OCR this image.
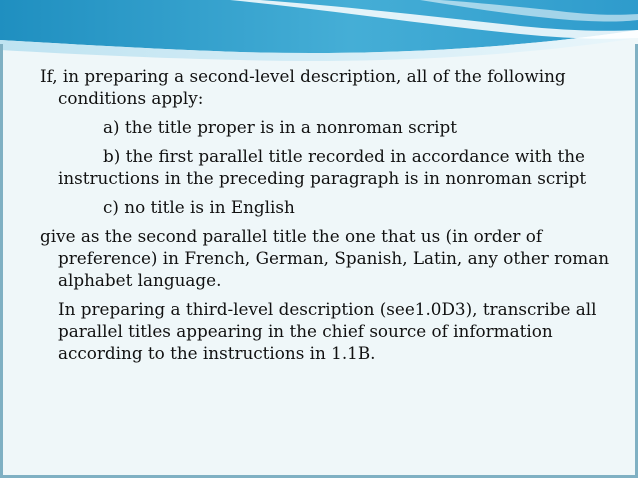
If, in preparing a second-level description, all of the following
conditions apply:
a) the title proper is in a nonroman script
b) the first parallel title recorded in accordance with the
instructions in the preceding paragraph is in nonroman script
c) no title is in English
give as the second parallel title the one that us (in order of
preference) in French, German, Spanish, Latin, any other roman
alphabet language.
In preparing a third-level description (see1.0D3), transcribe all
parallel titles appearing in the chief source of information
according to the instructions in 1.1B.
